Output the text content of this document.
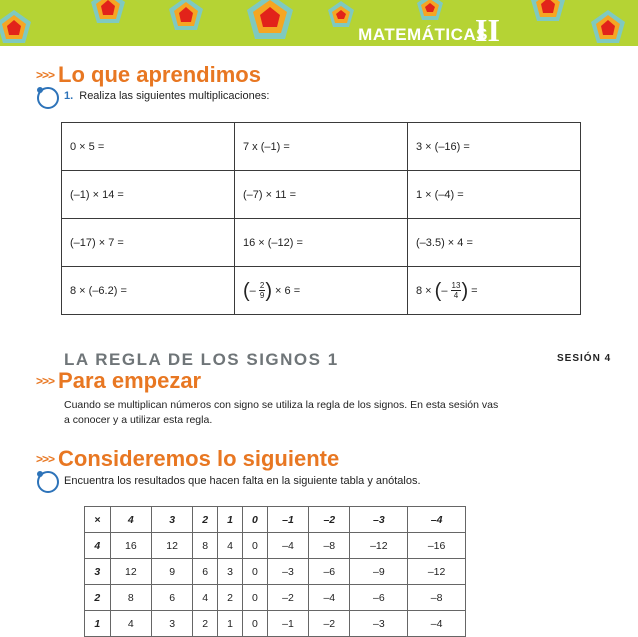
MATEMÁTICAS
II
>>> Lo que aprendimos
1. Realiza las siguientes multiplicaciones:
0 × 5 =	7 x (–1) =	3 × (–16) =
(–1) × 14 =	(–7) × 11 =	1 × (–4) =
(–17) × 7 =	16 × (–12) =	(–3.5) × 4 =
8 × (–6.2) =	(– $\frac{2}{9}$ ) × 6 =	8 × (– $\frac{13}{4}$ ) =
LA REGLA DE LOS SIGNOS 1	SESIÓN 4
>>> Para empezar
Cuando se multiplican números con signo se utiliza la regla de los signos. En esta sesión vas a conocer y a utilizar esta regla.
>>> Consideremos lo siguiente
Encuentra los resultados que hacen falta en la siguiente tabla y anótalos.
×	4	3	2	1	0	–1	–2	–3	–4
4	16	12	8	4	0	–4	–8	–12	–16
3	12	9	6	3	0	–3	–6	–9	–12
2	8	6	4	2	0	–2	–4	–6	–8
1	4	3	2	1	0	–1	–2	–3	–4
